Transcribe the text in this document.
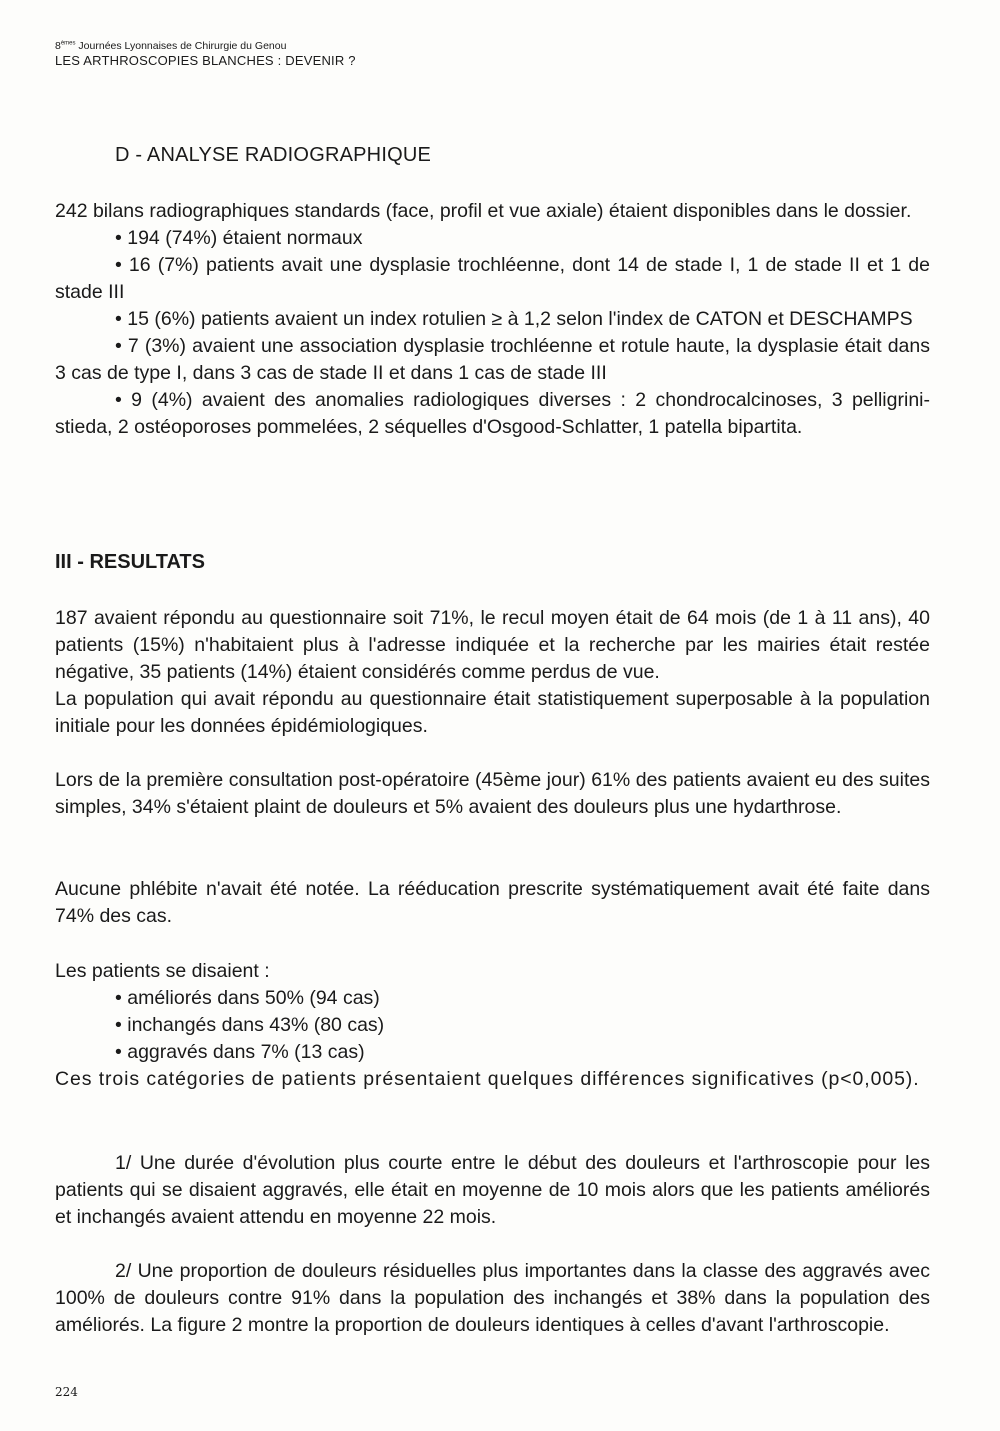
8èmes Journées Lyonnaises de Chirurgie du Genou
LES ARTHROSCOPIES BLANCHES : DEVENIR ?
D - ANALYSE RADIOGRAPHIQUE

242 bilans radiographiques standards (face, profil et vue axiale) étaient disponibles dans le dossier.

• 194 (74%) étaient normaux

• 16 (7%) patients avait une dysplasie trochléenne, dont 14 de stade I, 1 de stade II et 1 de stade III

• 15 (6%) patients avaient un index rotulien ≥ à 1,2 selon l'index de CATON et DESCHAMPS

• 7 (3%) avaient une association dysplasie trochléenne et rotule haute, la dysplasie était dans 3 cas de type I, dans 3 cas de stade II et dans 1 cas de stade III

• 9 (4%) avaient des anomalies radiologiques diverses : 2 chondrocalcinoses, 3 pelligrini-stieda, 2 ostéoporoses pommelées, 2 séquelles d'Osgood-Schlatter, 1 patella bipartita.

III - RESULTATS

187 avaient répondu au questionnaire soit 71%, le recul moyen était de 64 mois (de 1 à 11 ans), 40 patients (15%) n'habitaient plus à l'adresse indiquée et la recherche par les mairies était restée négative, 35 patients (14%) étaient considérés comme perdus de vue.

La population qui avait répondu au questionnaire était statistiquement superposable à la population initiale pour les données épidémiologiques.

Lors de la première consultation post-opératoire (45ème jour) 61% des patients avaient eu des suites simples, 34% s'étaient plaint de douleurs et 5% avaient des douleurs plus une hydarthrose.

Aucune phlébite n'avait été notée. La rééducation prescrite systématiquement avait été faite dans 74% des cas.

Les patients se disaient :

• améliorés dans 50% (94 cas)

• inchangés dans 43% (80 cas)

• aggravés dans 7% (13 cas)

Ces trois catégories de patients présentaient quelques différences significatives (p<0,005).

1/ Une durée d'évolution plus courte entre le début des douleurs et l'arthroscopie pour les patients qui se disaient aggravés, elle était en moyenne de 10 mois alors que les patients améliorés et inchangés avaient attendu en moyenne 22 mois.

2/ Une proportion de douleurs résiduelles plus importantes dans la classe des aggravés avec 100% de douleurs contre 91% dans la population des inchangés et 38% dans la population des améliorés. La figure 2 montre la proportion de douleurs identiques à celles d'avant l'arthroscopie.

224
